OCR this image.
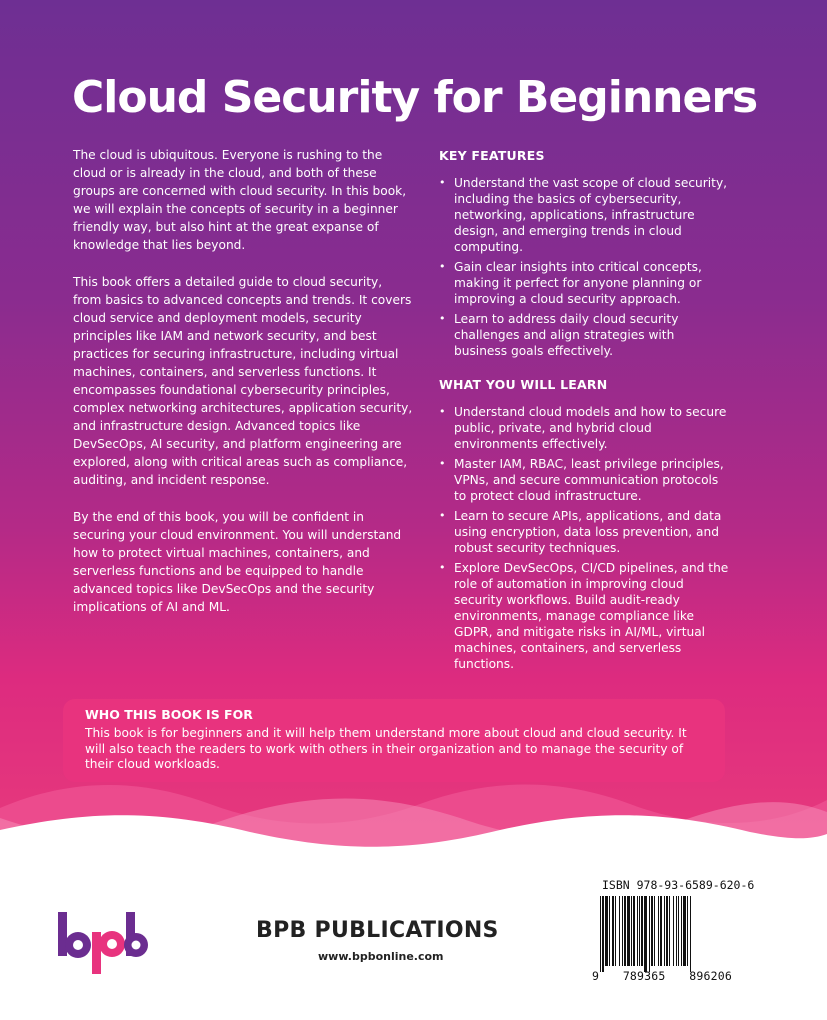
Cloud Security for Beginners

The cloud is ubiquitous. Everyone is rushing to the cloud or is already in the cloud, and both of these groups are concerned with cloud security. In this book, we will explain the concepts of security in a beginner friendly way, but also hint at the great expanse of knowledge that lies beyond.

This book offers a detailed guide to cloud security, from basics to advanced concepts and trends. It covers cloud service and deployment models, security principles like IAM and network security, and best practices for securing infrastructure, including virtual machines, containers, and serverless functions. It encompasses foundational cybersecurity principles, complex networking architectures, application security, and infrastructure design. Advanced topics like DevSecOps, AI security, and platform engineering are explored, along with critical areas such as compliance, auditing, and incident response.

By the end of this book, you will be confident in securing your cloud environment. You will understand how to protect virtual machines, containers, and serverless functions and be equipped to handle advanced topics like DevSecOps and the security implications of AI and ML.

KEY FEATURES
• Understand the vast scope of cloud security, including the basics of cybersecurity, networking, applications, infrastructure design, and emerging trends in cloud computing.
• Gain clear insights into critical concepts, making it perfect for anyone planning or improving a cloud security approach.
• Learn to address daily cloud security challenges and align strategies with business goals effectively.
WHAT YOU WILL LEARN
• Understand cloud models and how to secure public, private, and hybrid cloud environments effectively.
• Master IAM, RBAC, least privilege principles, VPNs, and secure communication protocols to protect cloud infrastructure.
• Learn to secure APIs, applications, and data using encryption, data loss prevention, and robust security techniques.
• Explore DevSecOps, CI/CD pipelines, and the role of automation in improving cloud security workflows. Build audit-ready environments, manage compliance like GDPR, and mitigate risks in AI/ML, virtual machines, containers, and serverless functions.
WHO THIS BOOK IS FOR

This book is for beginners and it will help them understand more about cloud and cloud security. It will also teach the readers to work with others in their organization and to manage the security of their cloud workloads.

BPB PUBLICATIONS

www.bpbonline.com

ISBN 978-93-6589-620-6

9 789365 896206
